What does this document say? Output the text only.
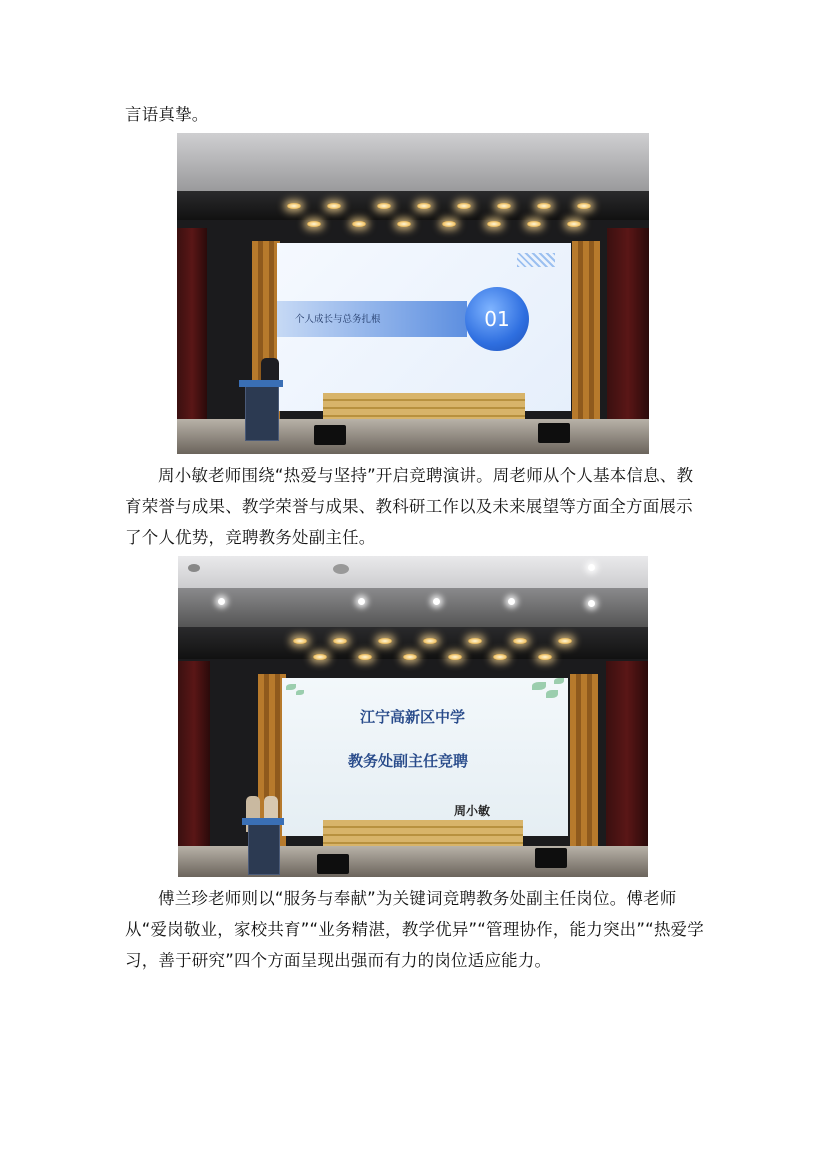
言语真挚。

个人成长与总务扎根	01

周小敏老师围绕“热爱与坚持”开启竞聘演讲。周老师从个人基本信息、教育荣誉与成果、教学荣誉与成果、教科研工作以及未来展望等方面全方面展示了个人优势，竞聘教务处副主任。

江宁高新区中学
教务处副主任竞聘
周小敏

傅兰珍老师则以“服务与奉献”为关键词竞聘教务处副主任岗位。傅老师从“爱岗敬业，家校共育”“业务精湛，教学优异”“管理协作，能力突出”“热爱学习，善于研究”四个方面呈现出强而有力的岗位适应能力。
